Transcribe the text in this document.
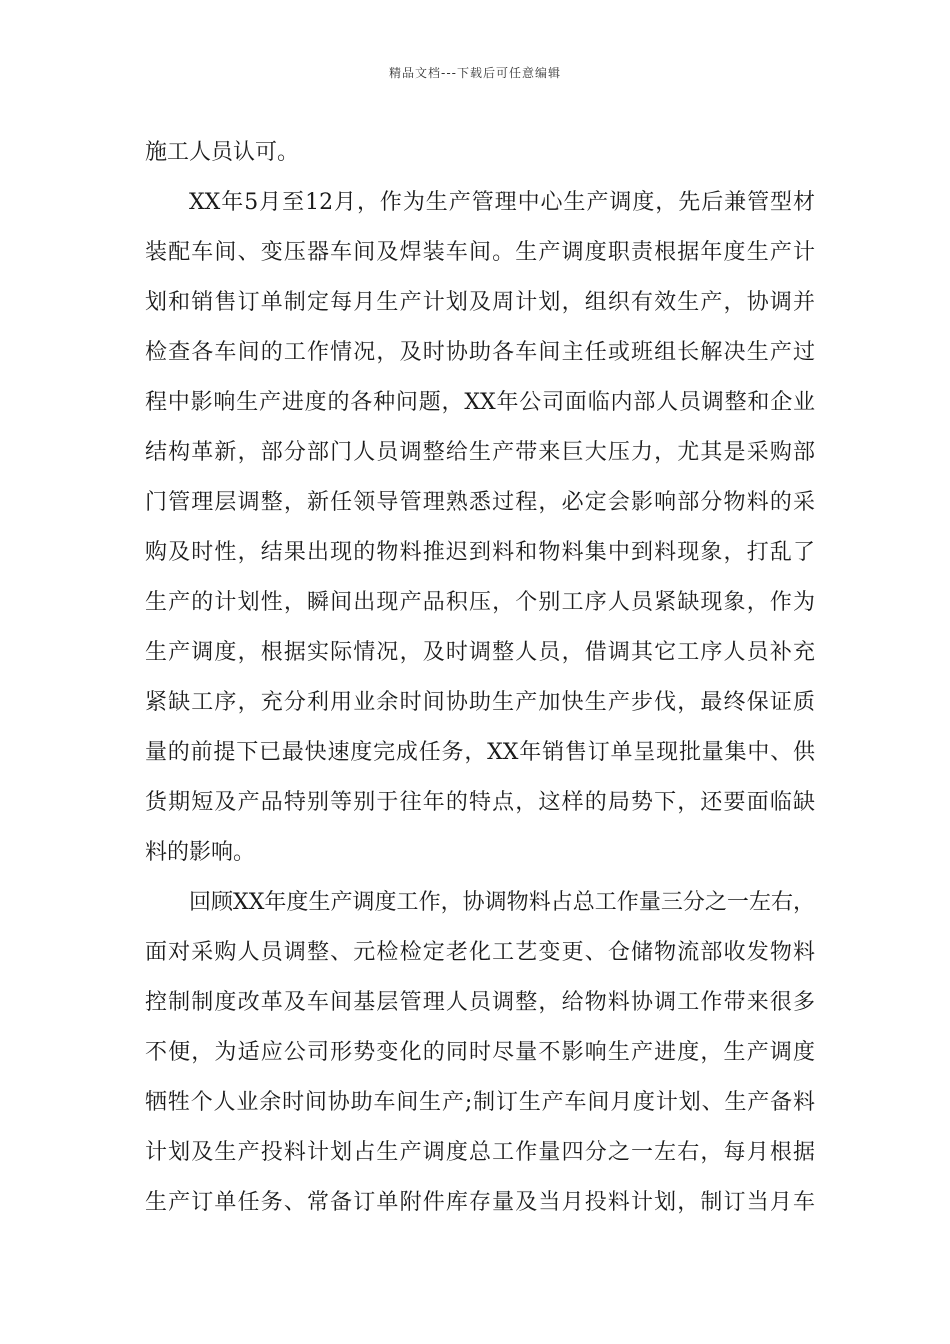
精品文档---下载后可任意编辑
施工人员认可。
XX年5月至12月，作为生产管理中心生产调度，先后兼管型材
装配车间、变压器车间及焊装车间。生产调度职责根据年度生产计
划和销售订单制定每月生产计划及周计划，组织有效生产，协调并
检查各车间的工作情况，及时协助各车间主任或班组长解决生产过
程中影响生产进度的各种问题，XX年公司面临内部人员调整和企业
结构革新，部分部门人员调整给生产带来巨大压力，尤其是采购部
门管理层调整，新任领导管理熟悉过程，必定会影响部分物料的采
购及时性，结果出现的物料推迟到料和物料集中到料现象，打乱了
生产的计划性，瞬间出现产品积压，个别工序人员紧缺现象，作为
生产调度，根据实际情况，及时调整人员，借调其它工序人员补充
紧缺工序，充分利用业余时间协助生产加快生产步伐，最终保证质
量的前提下已最快速度完成任务，XX年销售订单呈现批量集中、供
货期短及产品特别等别于往年的特点，这样的局势下，还要面临缺
料的影响。
回顾XX年度生产调度工作，协调物料占总工作量三分之一左右，
面对采购人员调整、元检检定老化工艺变更、仓储物流部收发物料
控制制度改革及车间基层管理人员调整，给物料协调工作带来很多
不便，为适应公司形势变化的同时尽量不影响生产进度，生产调度
牺牲个人业余时间协助车间生产;制订生产车间月度计划、生产备料
计划及生产投料计划占生产调度总工作量四分之一左右，每月根据
生产订单任务、常备订单附件库存量及当月投料计划，制订当月车
